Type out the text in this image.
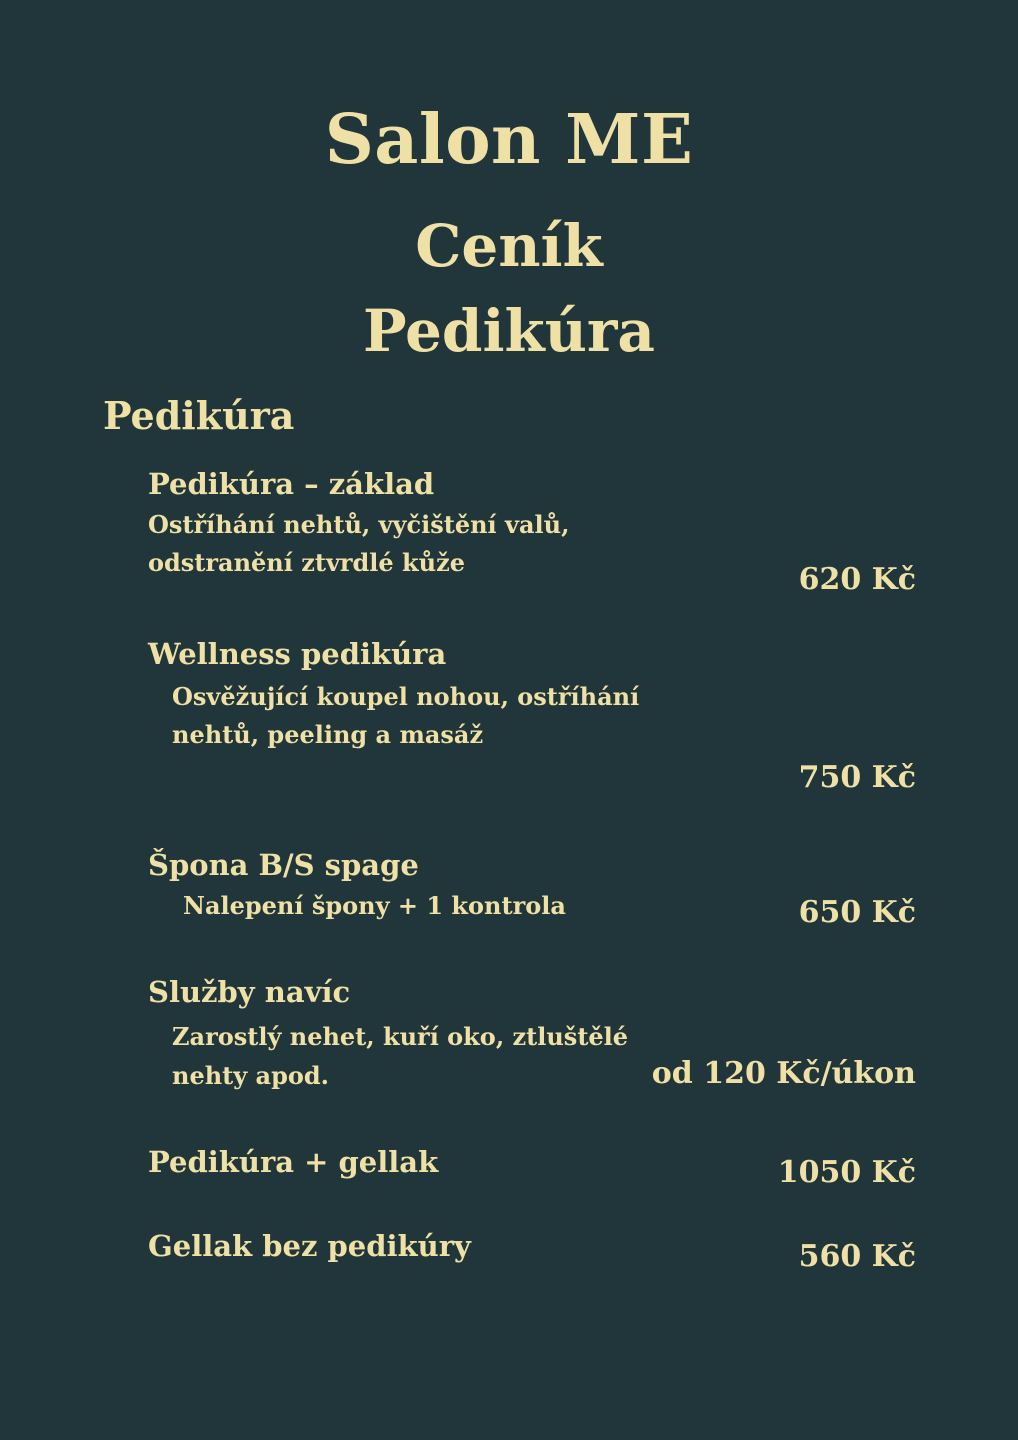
Salon ME
Ceník
Pedikúra
Pedikúra
Pedikúra – základ
Ostříhání nehtů, vyčištění valů,
odstranění ztvrdlé kůže	620 Kč
Wellness pedikúra
Osvěžující koupel nohou, ostříhání
nehtů, peeling a masáž
750 Kč
Špona B/S spage
Nalepení špony + 1 kontrola	650 Kč
Služby navíc
Zarostlý nehet, kuří oko, ztluštělé
nehty apod.	od 120 Kč/úkon
Pedikúra + gellak	1050 Kč
Gellak bez pedikúry	560 Kč
